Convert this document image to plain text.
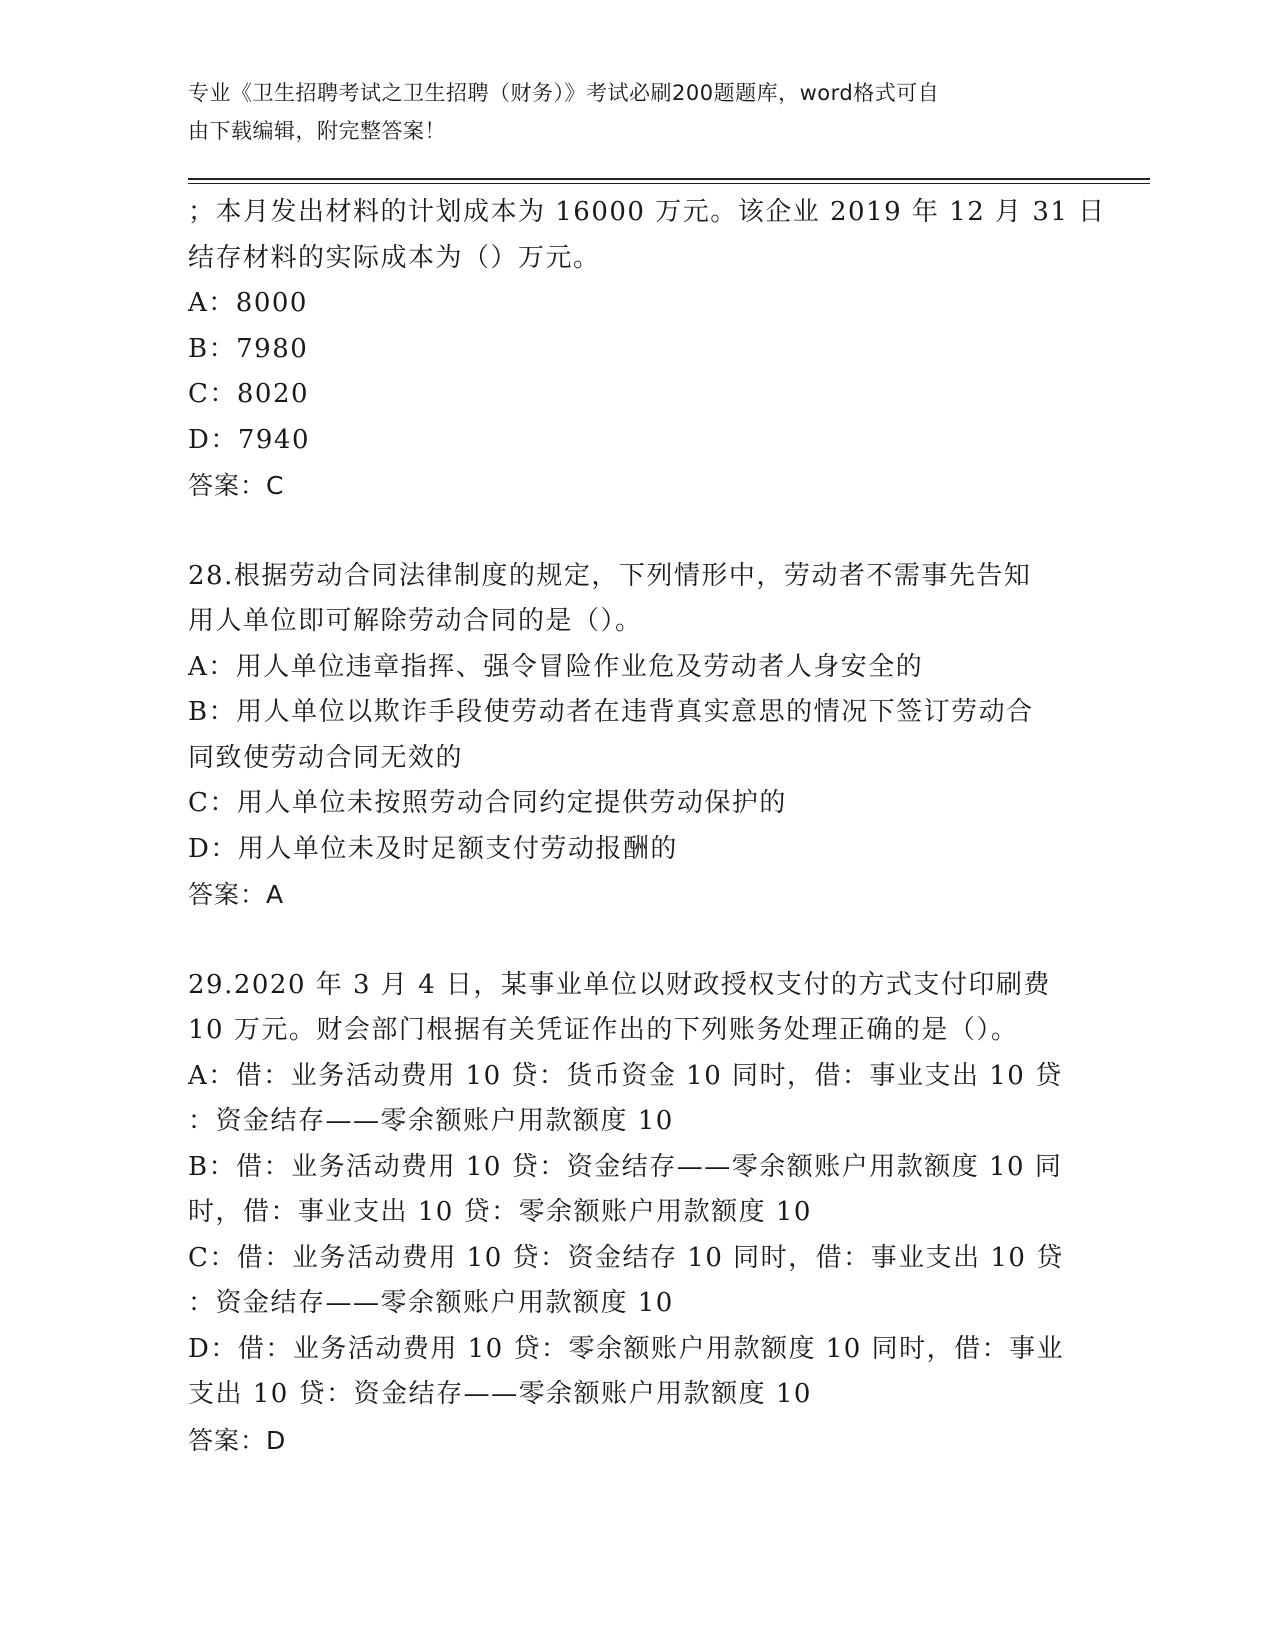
专业《卫生招聘考试之卫生招聘（财务）》考试必刷200题题库，word格式可自
由下载编辑，附完整答案！
；本月发出材料的计划成本为 16000 万元。该企业 2019 年 12 月 31 日
结存材料的实际成本为（）万元。
A：8000
B：7980
C：8020
D：7940
答案：C
28.根据劳动合同法律制度的规定，下列情形中，劳动者不需事先告知
用人单位即可解除劳动合同的是（）。
A：用人单位违章指挥、强令冒险作业危及劳动者人身安全的
B：用人单位以欺诈手段使劳动者在违背真实意思的情况下签订劳动合
同致使劳动合同无效的
C：用人单位未按照劳动合同约定提供劳动保护的
D：用人单位未及时足额支付劳动报酬的
答案：A
29.2020 年 3 月 4 日，某事业单位以财政授权支付的方式支付印刷费
10 万元。财会部门根据有关凭证作出的下列账务处理正确的是（）。
A：借：业务活动费用 10 贷：货币资金 10 同时，借：事业支出 10 贷
：资金结存——零余额账户用款额度 10
B：借：业务活动费用 10 贷：资金结存——零余额账户用款额度 10 同
时，借：事业支出 10 贷：零余额账户用款额度 10
C：借：业务活动费用 10 贷：资金结存 10 同时，借：事业支出 10 贷
：资金结存——零余额账户用款额度 10
D：借：业务活动费用 10 贷：零余额账户用款额度 10 同时，借：事业
支出 10 贷：资金结存——零余额账户用款额度 10
答案：D
